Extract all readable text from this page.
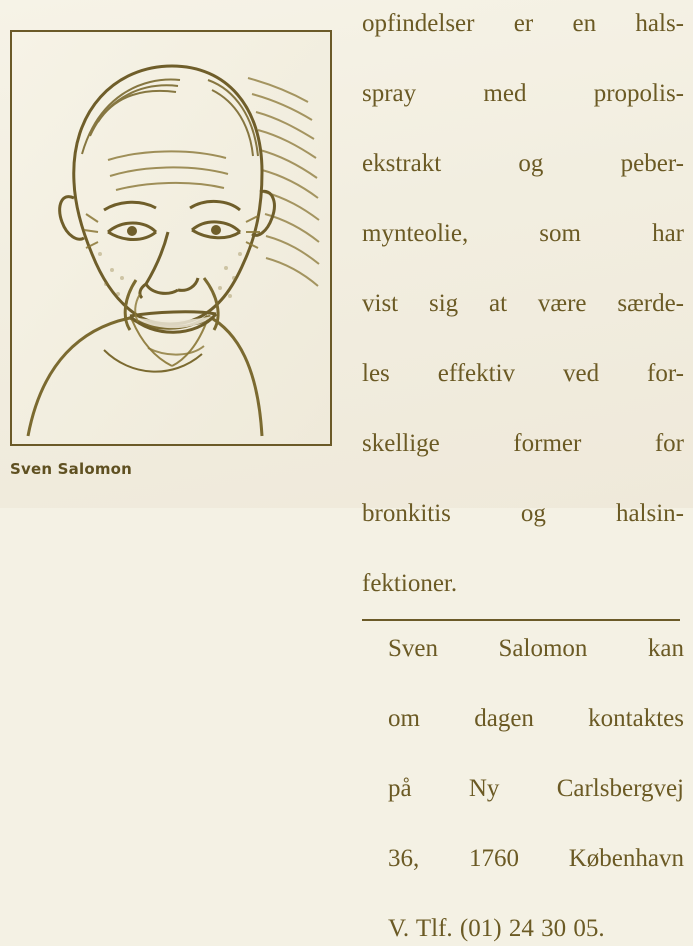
Sven Salomon
opfindelser er en hals-
spray med propolis-
ekstrakt og peber-
mynteolie, som har
vist sig at være særde-
les effektiv ved for-
skellige former for
bronkitis og halsin-
fektioner.
Sven Salomon kan
om dagen kontaktes
på Ny Carlsbergvej
36, 1760 København
V. Tlf. (01) 24 30 05.
